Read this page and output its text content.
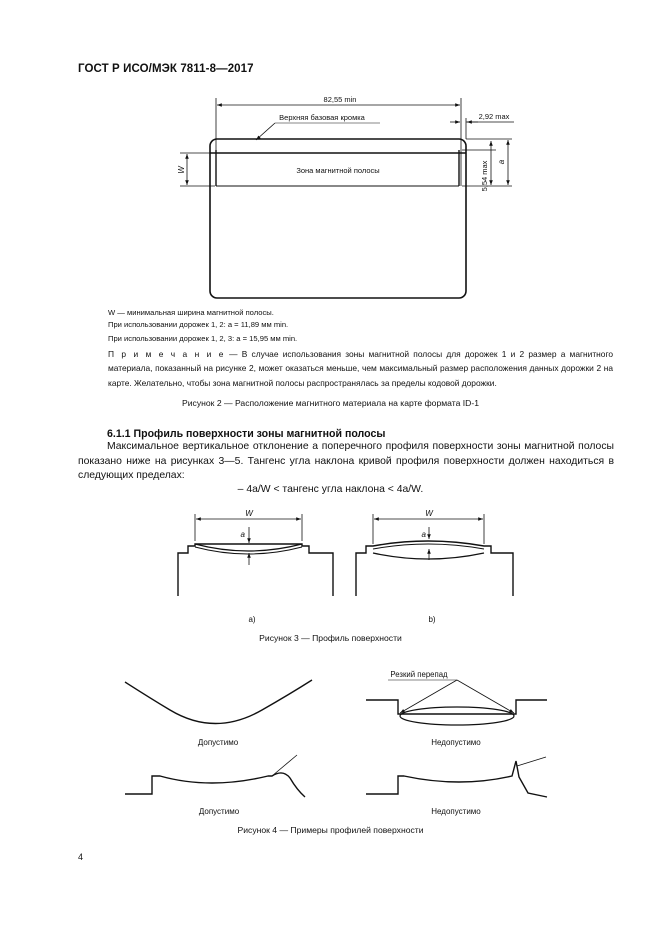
ГОСТ Р ИСО/МЭК 7811-8—2017
82,55 min
2,92 max
Верхняя базовая кромка
5,54 max a
W	Зона магнитной полосы
W — минимальная ширина магнитной полосы.
При использовании дорожек 1, 2: a = 11,89 мм min.
При использовании дорожек 1, 2, 3: a = 15,95 мм min.
П р и м е ч а н и е — В случае использования зоны магнитной полосы для дорожек 1 и 2 размер a магнитного материала, показанный на рисунке 2, может оказаться меньше, чем максимальный размер расположения данных дорожки 2 на карте. Желательно, чтобы зона магнитной полосы распространялась за пределы кодовой дорожки.
Рисунок 2 — Расположение магнитного материала на карте формата ID-1
6.1.1 Профиль поверхности зоны магнитной полосы
Максимальное вертикальное отклонение a поперечного профиля поверхности зоны магнитной полосы показано ниже на рисунках 3—5. Тангенс угла наклона кривой профиля поверхности должен находиться в следующих пределах:
– 4a/W < тангенс угла наклона < 4a/W.
W
a
W
a
a)	b)
Рисунок 3 — Профиль поверхности
Резкий перепад
Допустимо	Недопустимо
Допустимо	Недопустимо
Рисунок 4 — Примеры профилей поверхности
4
